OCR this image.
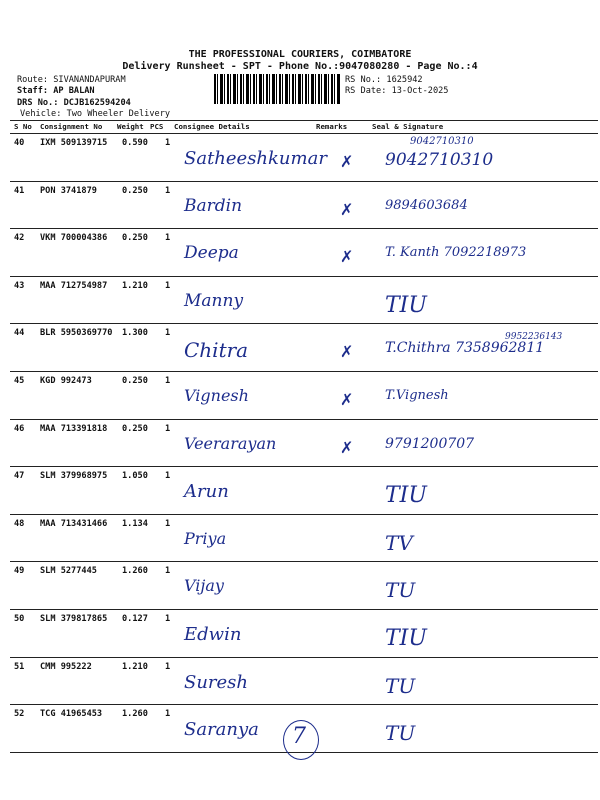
THE PROFESSIONAL COURIERS, COIMBATORE
Delivery Runsheet - SPT - Phone No.:9047080280 - Page No.:4
Route: SIVANANDAPURAM
Staff: AP BALAN
DRS No.: DCJB162594204
Vehicle: Two Wheeler Delivery
RS No.: 1625942
RS Date: 13-Oct-2025
S No Consignment No Weight PCS Consignee Details	Remarks	Seal & Signature
40 IXM 509139715 0.590 1
Satheeshkumar ✗ 9042710310
41 PON 3741879	0.250 1
Bardin	✗ 9894603684
42 VKM 700004386 0.250 1
Deepa	✗ T. Kanth 7092218973
43 MAA 712754987 1.210 1
Manny	TIU
44 BLR 5950369770 1.300 1
Chitra	✗ T.Chithra 7358962811
45 KGD 992473	0.250 1
Vignesh	✗ T.Vignesh
46 MAA 713391818 0.250 1
Veerarayan	✗ 9791200707
47 SLM 379968975 1.050 1
Arun	TIU
48 MAA 713431466 1.134 1
Priya	TV
49 SLM 5277445	1.260 1
Vijay	TU
50 SLM 379817865 0.127 1
Edwin	TIU
51 CMM 995222	1.210 1
Suresh	TU
52 TCG 41965453 1.260 1
Saranya	TU
9042710310
9952236143
7
